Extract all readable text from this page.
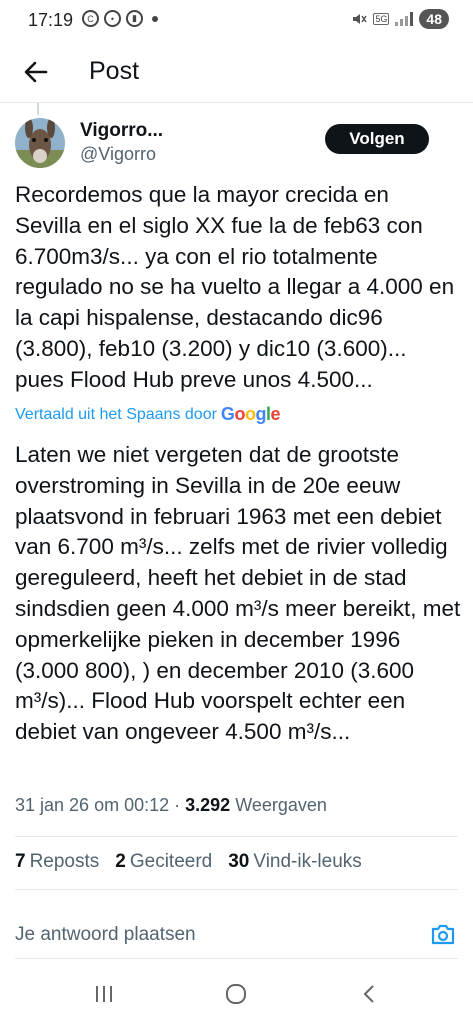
17:19	C	•	▮	5G	48
Post
Vigorro...
@Vigorro
Volgen

Recordemos que la mayor crecida en Sevilla en el siglo XX fue la de feb63 con 6.700m3/s... ya con el rio totalmente regulado no se ha vuelto a llegar a 4.000 en la capi hispalense, destacando dic96 (3.800), feb10 (3.200) y dic10 (3.600)... pues Flood Hub preve unos 4.500...

Vertaald uit het Spaans door Google

Laten we niet vergeten dat de grootste overstroming in Sevilla in de 20e eeuw plaatsvond in februari 1963 met een debiet van 6.700 m³/s... zelfs met de rivier volledig gereguleerd, heeft het debiet in de stad sindsdien geen 4.000 m³/s meer bereikt, met opmerkelijke pieken in december 1996 (3.000 800), ) en december 2010 (3.600 m³/s)... Flood Hub voorspelt echter een debiet van ongeveer 4.500 m³/s...

31 jan 26 om 00:12 · 3.292 Weergaven
7 Reposts 2 Geciteerd 30 Vind-ik-leuks
Je antwoord plaatsen
